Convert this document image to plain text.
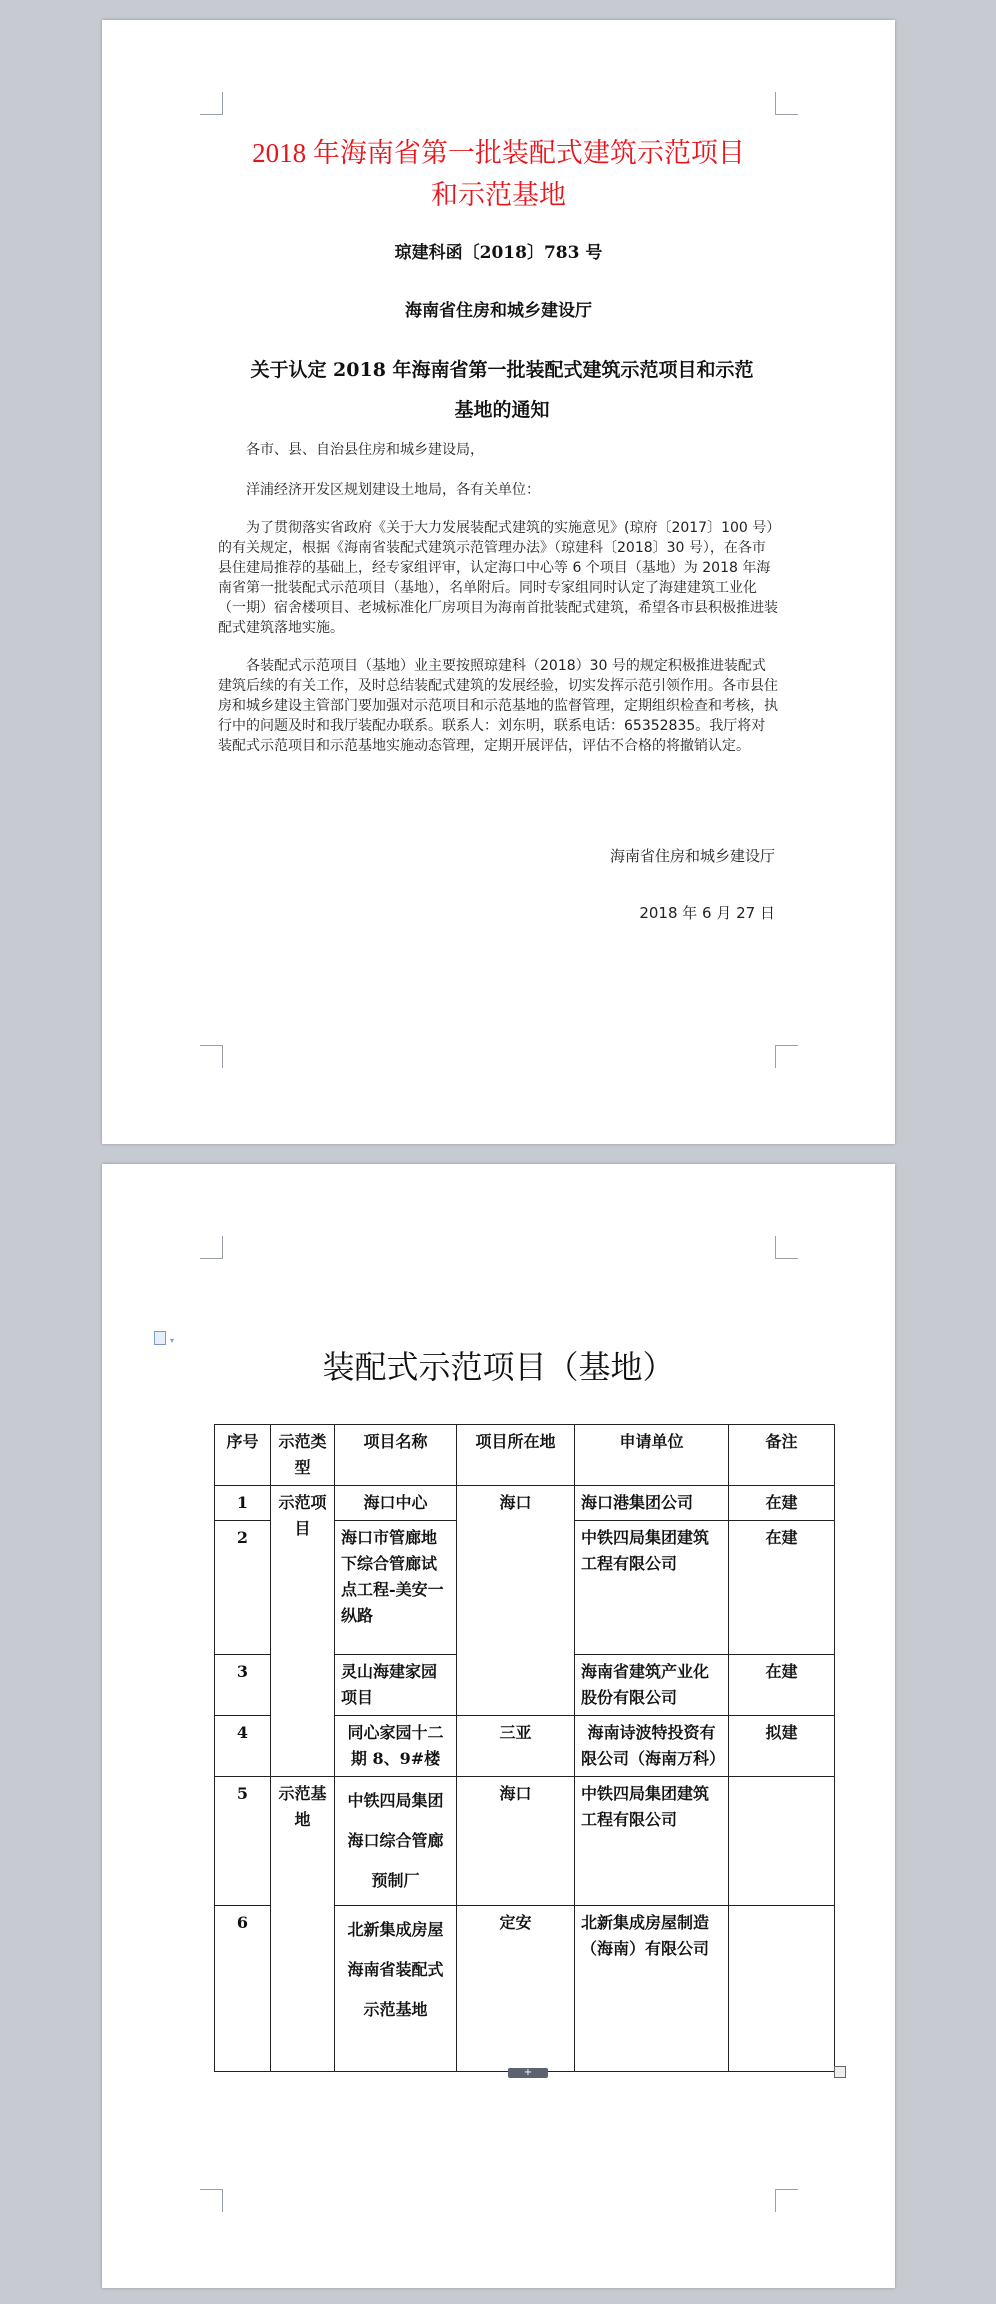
2018 年海南省第一批装配式建筑示范项目
和示范基地
琼建科函〔2018〕783 号
海南省住房和城乡建设厅
关于认定 2018 年海南省第一批装配式建筑示范项目和示范
基地的通知

各市、县、自治县住房和城乡建设局，

洋浦经济开发区规划建设土地局，各有关单位：

为了贯彻落实省政府《关于大力发展装配式建筑的实施意见》(琼府〔2017〕100 号）的有关规定，根据《海南省装配式建筑示范管理办法》（琼建科〔2018〕30 号），在各市县住建局推荐的基础上，经专家组评审，认定海口中心等 6 个项目（基地）为 2018 年海南省第一批装配式示范项目（基地），名单附后。同时专家组同时认定了海建建筑工业化（一期）宿舍楼项目、老城标准化厂房项目为海南首批装配式建筑，希望各市县积极推进装配式建筑落地实施。

各装配式示范项目（基地）业主要按照琼建科（2018）30 号的规定积极推进装配式建筑后续的有关工作，及时总结装配式建筑的发展经验，切实发挥示范引领作用。各市县住房和城乡建设主管部门要加强对示范项目和示范基地的监督管理，定期组织检查和考核，执行中的问题及时和我厅装配办联系。联系人：刘东明，联系电话：65352835。我厅将对装配式示范项目和示范基地实施动态管理，定期开展评估，评估不合格的将撤销认定。

海南省住房和城乡建设厅
2018 年 6 月 27 日
▾
装配式示范项目（基地）
序号	示范类型	项目名称	项目所在地	申请单位	备注
1	示范项目	海口中心	海口	海口港集团公司	在建
2		海口市管廊地下综合管廊试点工程-美安一纵路		中铁四局集团建筑工程有限公司	在建
3		灵山海建家园项目		海南省建筑产业化股份有限公司	在建
4		同心家园十二期 8、9#楼	三亚	海南诗波特投资有限公司（海南万科）	拟建
5	示范基地	中铁四局集团海口综合管廊预制厂	海口	中铁四局集团建筑工程有限公司	
6		北新集成房屋海南省装配式示范基地	定安	北新集成房屋制造（海南）有限公司	
+
